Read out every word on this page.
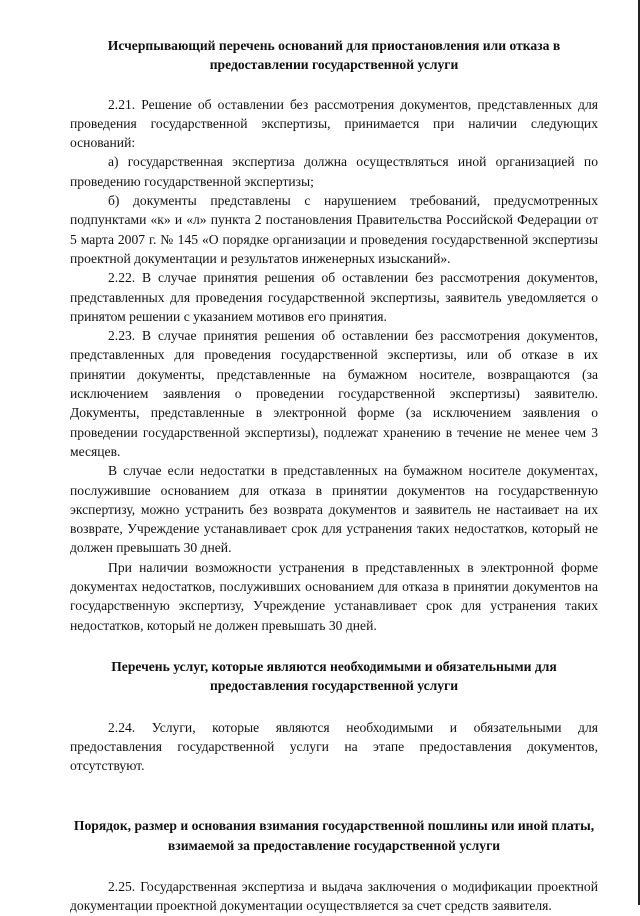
Исчерпывающий перечень оснований для приостановления или отказа в предоставлении государственной услуги

2.21. Решение об оставлении без рассмотрения документов, представленных для проведения государственной экспертизы, принимается при наличии следующих оснований:

а) государственная экспертиза должна осуществляться иной организацией по проведению государственной экспертизы;

б) документы представлены с нарушением требований, предусмотренных подпунктами «к» и «л» пункта 2 постановления Правительства Российской Федерации от 5 марта 2007 г. № 145 «О порядке организации и проведения государственной экспертизы проектной документации и результатов инженерных изысканий».

2.22. В случае принятия решения об оставлении без рассмотрения документов, представленных для проведения государственной экспертизы, заявитель уведомляется о принятом решении с указанием мотивов его принятия.

2.23. В случае принятия решения об оставлении без рассмотрения документов, представленных для проведения государственной экспертизы, или об отказе в их принятии документы, представленные на бумажном носителе, возвращаются (за исключением заявления о проведении государственной экспертизы) заявителю. Документы, представленные в электронной форме (за исключением заявления о проведении государственной экспертизы), подлежат хранению в течение не менее чем 3 месяцев.

В случае если недостатки в представленных на бумажном носителе документах, послужившие основанием для отказа в принятии документов на государственную экспертизу, можно устранить без возврата документов и заявитель не настаивает на их возврате, Учреждение устанавливает срок для устранения таких недостатков, который не должен превышать 30 дней.

При наличии возможности устранения в представленных в электронной форме документах недостатков, послуживших основанием для отказа в принятии документов на государственную экспертизу, Учреждение устанавливает срок для устранения таких недостатков, который не должен превышать 30 дней.

Перечень услуг, которые являются необходимыми и обязательными для предоставления государственной услуги

2.24. Услуги, которые являются необходимыми и обязательными для предоставления государственной услуги на этапе предоставления документов, отсутствуют.

Порядок, размер и основания взимания государственной пошлины или иной платы, взимаемой за предоставление государственной услуги

2.25. Государственная экспертиза и выдача заключения о модификации проектной документации проектной документации осуществляется за счет средств заявителя.
